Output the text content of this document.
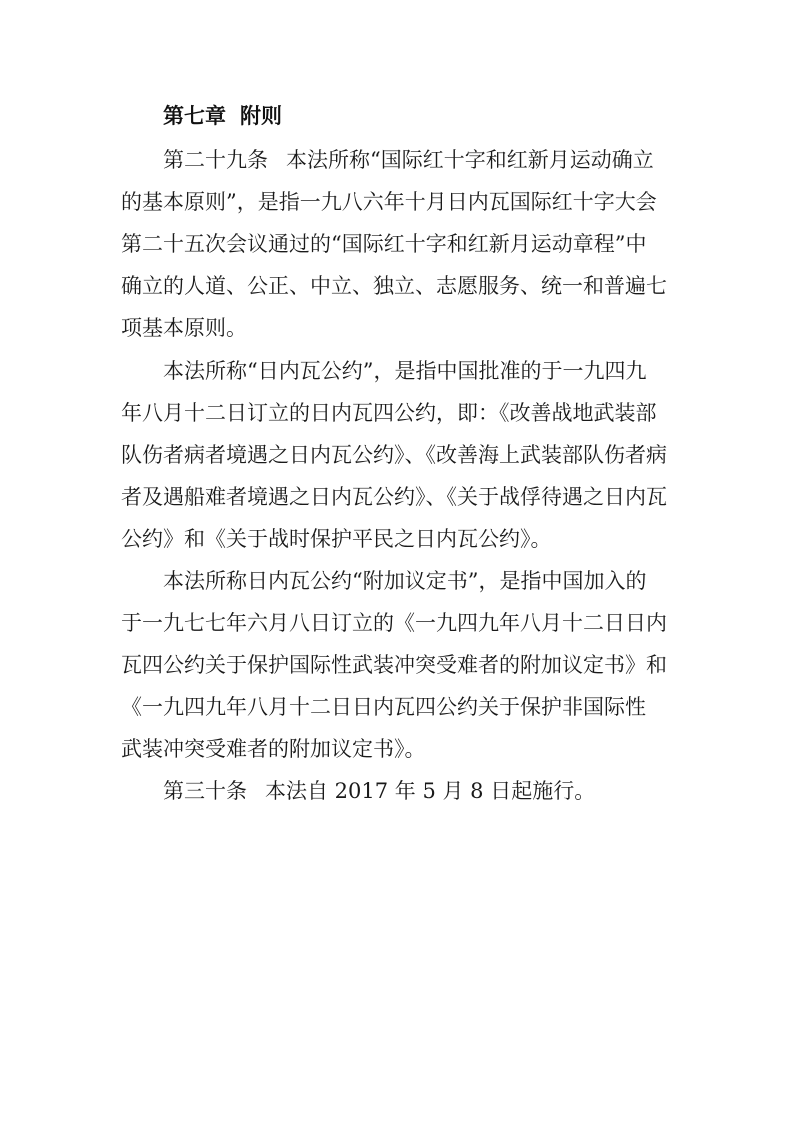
第七章 附则
第二十九条 本法所称“国际红十字和红新月运动确立
的基本原则”，是指一九八六年十月日内瓦国际红十字大会
第二十五次会议通过的“国际红十字和红新月运动章程”中
确立的人道、公正、中立、独立、志愿服务、统一和普遍七
项基本原则。
本法所称“日内瓦公约”，是指中国批准的于一九四九
年八月十二日订立的日内瓦四公约，即：《改善战地武装部
队伤者病者境遇之日内瓦公约》、《改善海上武装部队伤者病
者及遇船难者境遇之日内瓦公约》、《关于战俘待遇之日内瓦
公约》和《关于战时保护平民之日内瓦公约》。
本法所称日内瓦公约“附加议定书”，是指中国加入的
于一九七七年六月八日订立的《一九四九年八月十二日日内
瓦四公约关于保护国际性武装冲突受难者的附加议定书》和
《一九四九年八月十二日日内瓦四公约关于保护非国际性
武装冲突受难者的附加议定书》。
第三十条 本法自 2017 年 5 月 8 日起施行。
